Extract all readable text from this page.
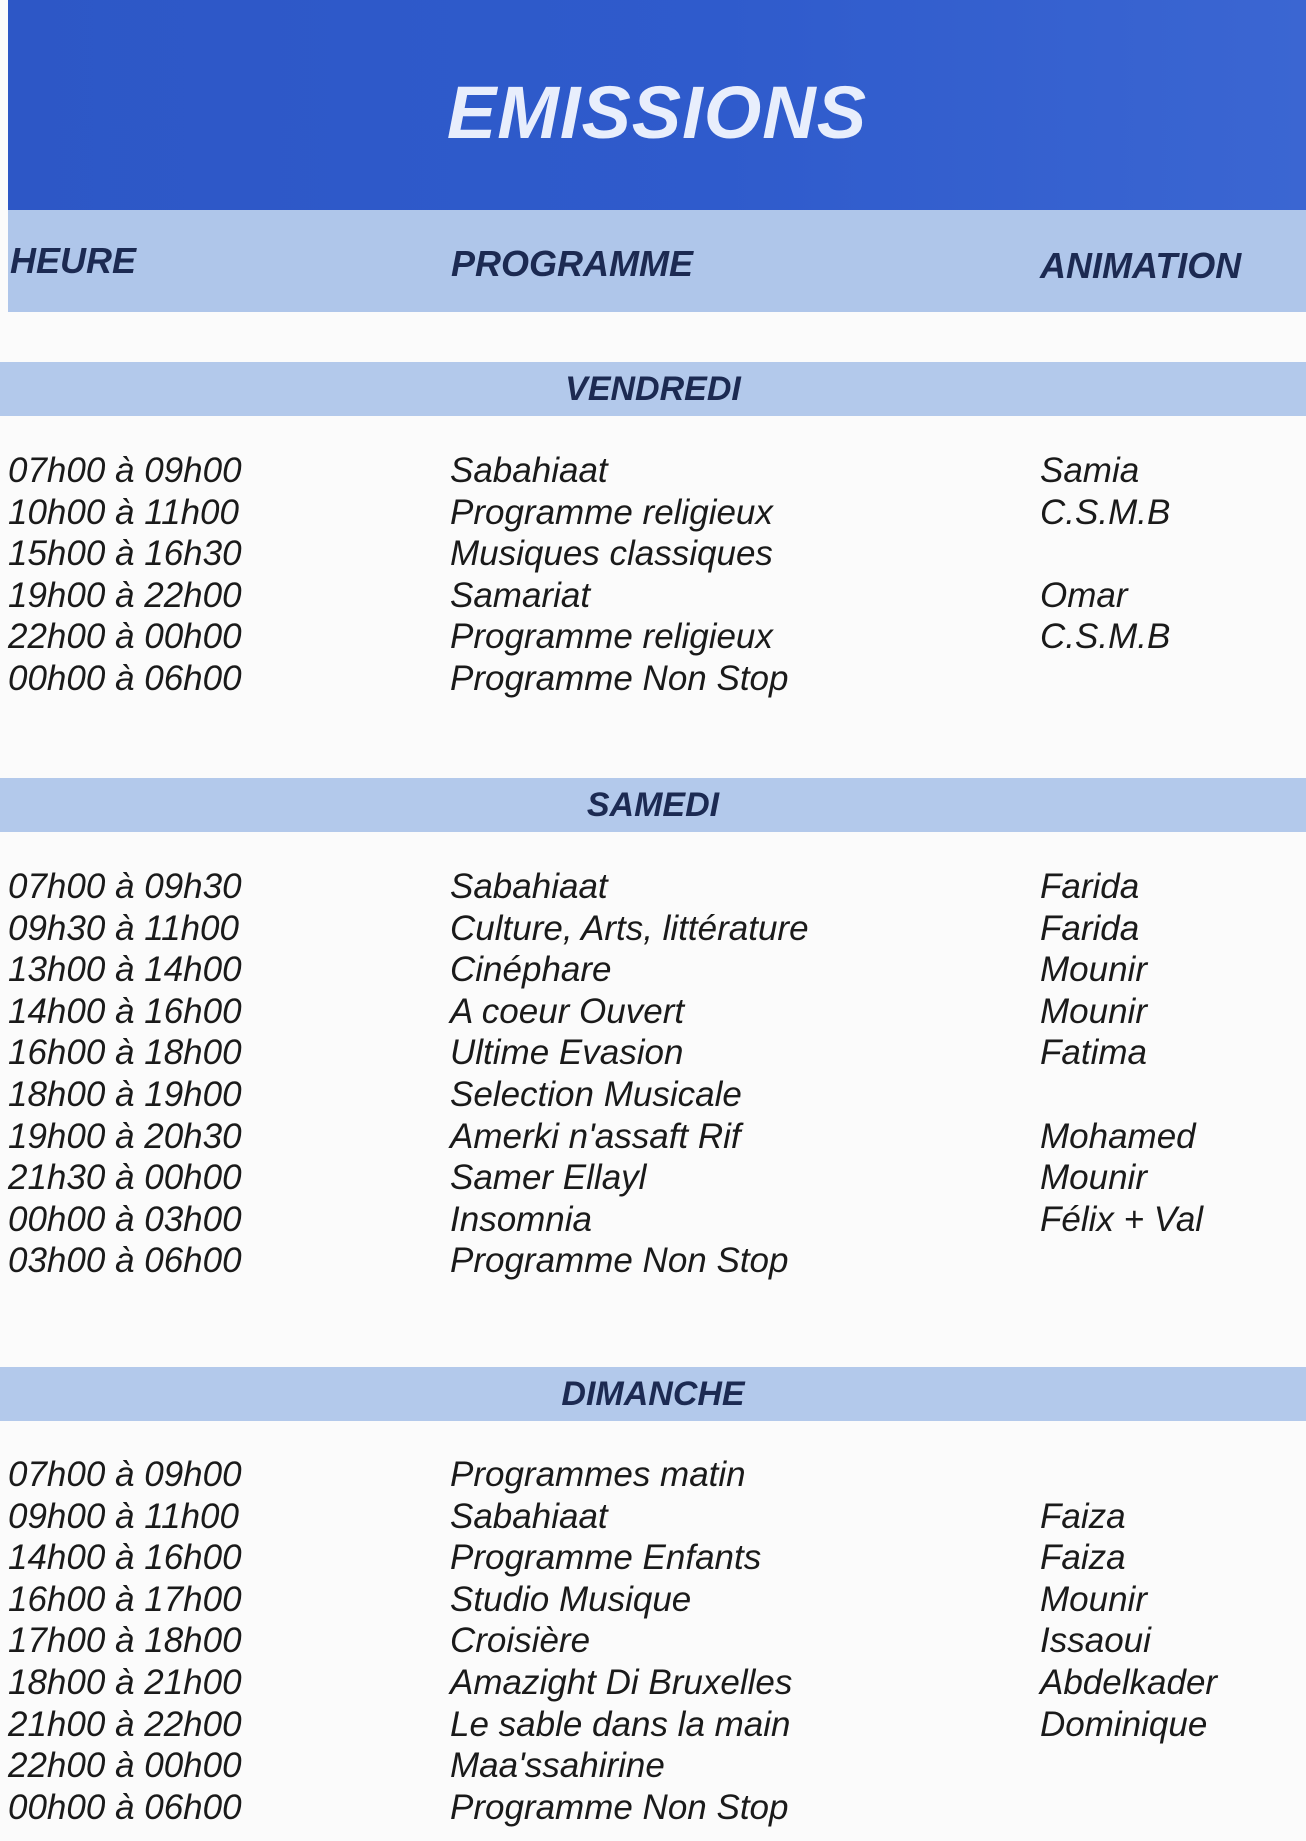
EMISSIONS
HEURE	PROGRAMME	ANIMATION
VENDREDI
07h00 à 09h00	Sabahiaat	Samia
10h00 à 11h00	Programme religieux	C.S.M.B
15h00 à 16h30	Musiques classiques
19h00 à 22h00	Samariat	Omar
22h00 à 00h00	Programme religieux	C.S.M.B
00h00 à 06h00	Programme Non Stop
SAMEDI
07h00 à 09h30	Sabahiaat	Farida
09h30 à 11h00	Culture, Arts, littérature	Farida
13h00 à 14h00	Cinéphare	Mounir
14h00 à 16h00	A coeur Ouvert	Mounir
16h00 à 18h00	Ultime Evasion	Fatima
18h00 à 19h00	Selection Musicale
19h00 à 20h30	Amerki n'assaft Rif	Mohamed
21h30 à 00h00	Samer Ellayl	Mounir
00h00 à 03h00	Insomnia	Félix + Val
03h00 à 06h00	Programme Non Stop
DIMANCHE
07h00 à 09h00	Programmes matin
09h00 à 11h00	Sabahiaat	Faiza
14h00 à 16h00	Programme Enfants	Faiza
16h00 à 17h00	Studio Musique	Mounir
17h00 à 18h00	Croisière	Issaoui
18h00 à 21h00	Amazight Di Bruxelles	Abdelkader
21h00 à 22h00	Le sable dans la main	Dominique
22h00 à 00h00	Maa'ssahirine
00h00 à 06h00	Programme Non Stop
